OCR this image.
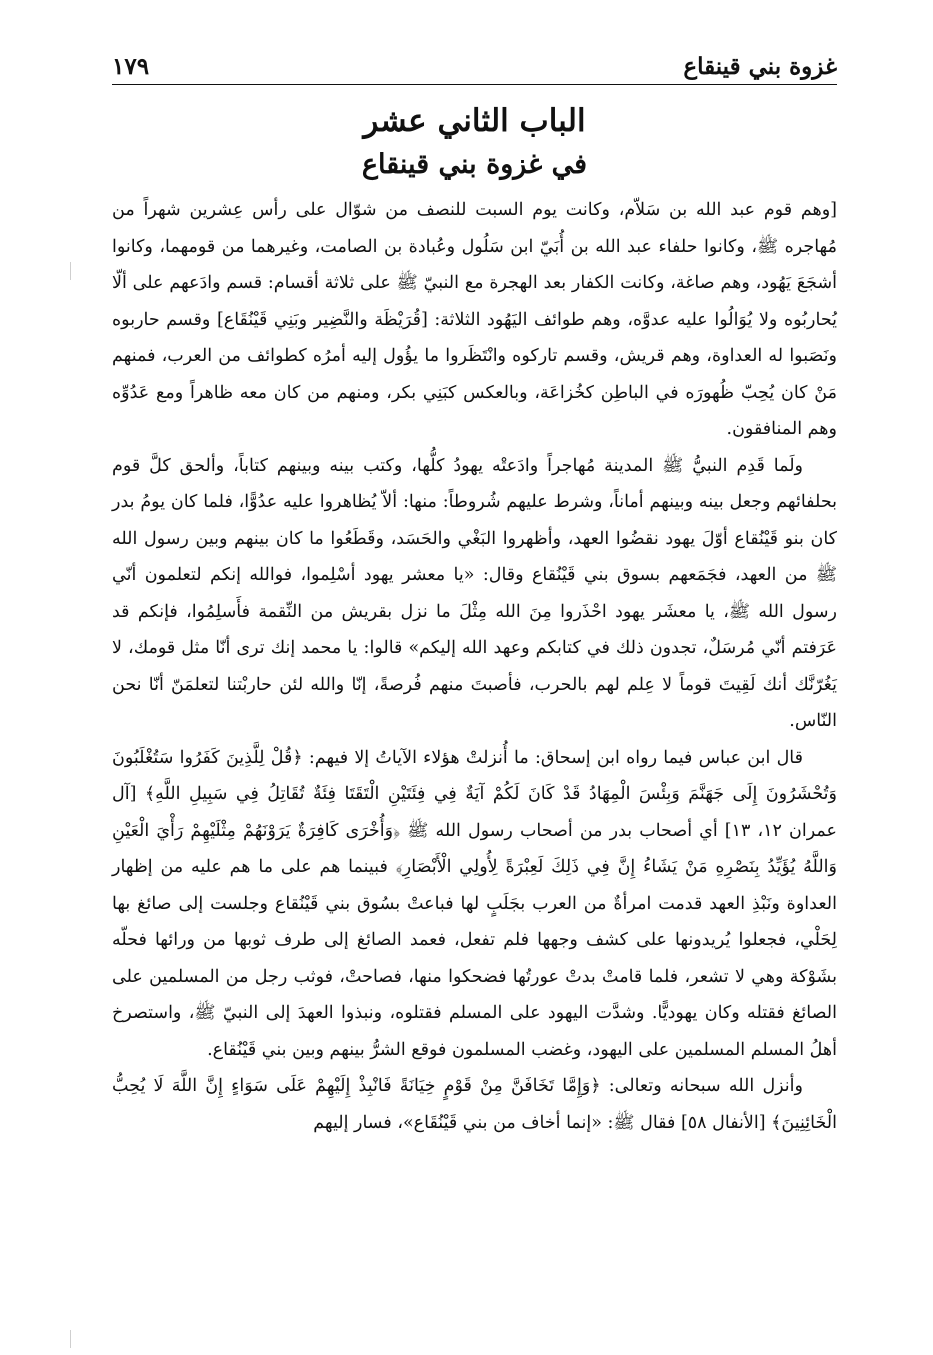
غزوة بني قينقاع
١٧٩
الباب الثاني عشر
في غزوة بني قينقاع

[وهم قوم عبد الله بن سَلاّم، وكانت يوم السبت للنصف من شوّال على رأس عِشرين شهراً من مُهاجره ﷺ، وكانوا حلفاء عبد الله بن أُبَيّ ابن سَلُول وعُبادة بن الصامت، وغيرهما من قومهما، وكانوا أشجَعَ يَهُود، وهم صاغة، وكانت الكفار بعد الهجرة مع النبيّ ﷺ على ثلاثة أقسام: قسم وادَعهم على ألّا يُحاربُوه ولا يُوَالُوا عليه عدوَّه، وهم طوائف اليَهُود الثلاثة: [قُرَيْظَة والنَّضِير وبَنِي قَيْنُقَاع] وقسم حاربوه ونَصَبوا له العداوة، وهم قريش، وقسم تاركوه وانْتَظَروا ما يؤُول إليه أمرُه كطوائف من العرب، فمنهم مَنْ كان يُحِبّ ظُهورَه في الباطِن كخُزاعَة، وبالعكس كبَنِي بكر، ومنهم من كان معه ظاهراً ومع عَدُوِّه وهم المنافقون.

ولَما قَدِم النبيُّ ﷺ المدينة مُهاجراً وادَعتْه يهودُ كلُّها، وكتب بينه وبينهم كتاباً، وألحق كلَّ قوم بحلفائهم وجعل بينه وبينهم أماناً، وشرط عليهم شُروطاً: منها: ألاّ يُظاهروا عليه عدُوًّا، فلما كان يومُ بدر كان بنو قَيْنُقاع أوّلَ يهود نقضُوا العهد، وأظهروا البَغْي والحَسَد، وقَطَعُوا ما كان بينهم وبين رسول الله ﷺ من العهد، فجَمَعهم بسوق بني قَيْنُقاع وقال: «يا معشر يهود أسْلِموا، فوالله إنكم لتعلمون أنّي رسول الله ﷺ، يا معشَر يهود احْذَروا مِنَ الله مِثْلَ ما نزل بقريش من النِّقمة فأَسلِمُوا، فإنكم قد عَرَفتم أنّي مُرسَلٌ، تجدون ذلك في كتابكم وعهد الله إليكم» قالوا: يا محمد إنك ترى أنّا مثل قومك، لا يَغُرّنَّك أنك لَقِيتَ قوماً لا عِلم لهم بالحرب، فأصبتَ منهم فُرصةً، إنّا والله لئن حاربْتنا لتعلمَنّ أنّا نحن النّاس.

قال ابن عباس فيما رواه ابن إسحاق: ما أُنزلتْ هؤلاء الآياتُ إلا فيهم: ﴿قُلْ لِلَّذِينَ كَفَرُوا سَتُغْلَبُونَ وَتُحْشَرُونَ إِلَى جَهَنَّمَ وَبِئْسَ الْمِهَادُ قَدْ كَانَ لَكُمْ آيَةٌ فِي فِئَتَيْنِ الْتَقَتَا فِئَةٌ تُقَاتِلُ فِي سَبِيلِ اللَّهِ﴾ [آل عمران ١٢، ١٣] أي أصحاب بدر من أصحاب رسول الله ﷺ ﴿وَأُخْرَى كَافِرَةٌ يَرَوْنَهُمْ مِثْلَيْهِمْ رَأْيَ الْعَيْنِ وَاللَّهُ يُؤَيِّدُ بِنَصْرِهِ مَنْ يَشَاءُ إِنَّ فِي ذَلِكَ لَعِبْرَةً لِأُولِي الْأَبْصَارِ﴾ فبينما هم على ما هم عليه من إظهار العداوة ونَبْذِ العهد قدمت امرأةٌ من العرب بجَلَبٍ لها فباعتْ بسُوق بني قَيْنُقاع وجلست إلى صائغ بها لِحَلْي، فجعلوا يُريدونها على كشف وجهها فلم تفعل، فعمد الصائغ إلى طرف ثوبها من ورائها فحلّه بشَوْكة وهي لا تشعر، فلما قامتْ بدتْ عورتُها فضحكوا منها، فصاحتْ، فوثب رجل من المسلمين على الصائغ فقتله وكان يهوديًّا. وشدَّت اليهود على المسلم فقتلوه، ونبذوا العهدَ إلى النبيّ ﷺ، واستصرخ أهلُ المسلم المسلمين على اليهود، وغضب المسلمون فوقع الشرُّ بينهم وبين بني قَيْنُقاع.

وأنزل الله سبحانه وتعالى: ﴿وَإِمَّا تَخَافَنَّ مِنْ قَوْمٍ خِيَانَةً فَانْبِذْ إِلَيْهِمْ عَلَى سَوَاءٍ إِنَّ اللَّهَ لَا يُحِبُّ الْخَائِنِينَ﴾ [الأنفال ٥٨] فقال ﷺ: «إنما أخاف من بني قَيْنُقَاع»، فسار إليهم
